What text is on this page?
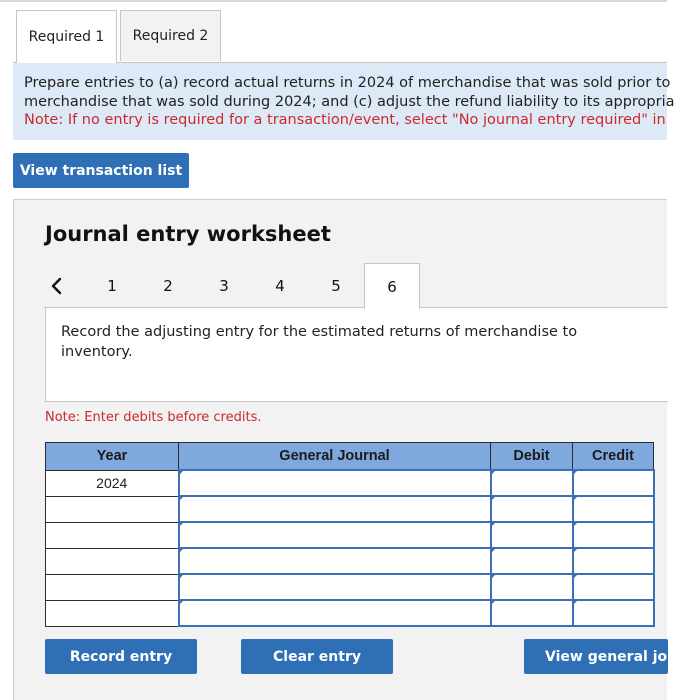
Required 1	Required 2
Prepare entries to (a) record actual returns in 2024 of merchandise that was sold prior to
merchandise that was sold during 2024; and (c) adjust the refund liability to its appropria
Note: If no entry is required for a transaction/event, select "No journal entry required" in
View transaction list
Journal entry worksheet
1	2	3	4	5	6
Record the adjusting entry for the estimated returns of merchandise to inventory.
Note: Enter debits before credits.
Year	General Journal	Debit	Credit
2024			

Record entry	Clear entry	View general jour
